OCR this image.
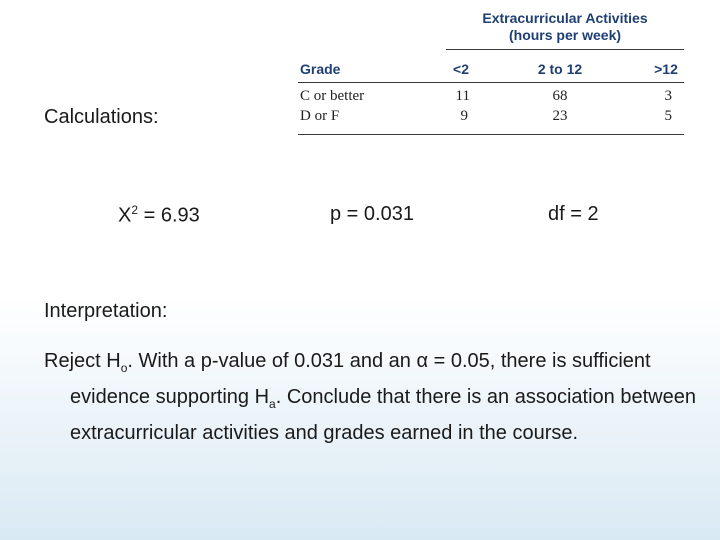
Extracurricular Activities
(hours per week)
Grade	<2	2 to 12	>12
C or better	11	68	3
D or F	9	23	5
Calculations:
$X^2 = 6.93$	p = 0.031	df = 2
Interpretation:
Reject $H_o$. With a p-value of 0.031 and an α = 0.05, there is sufficient evidence supporting $H_a$. Conclude that there is an association between extracurricular activities and grades earned in the course.
